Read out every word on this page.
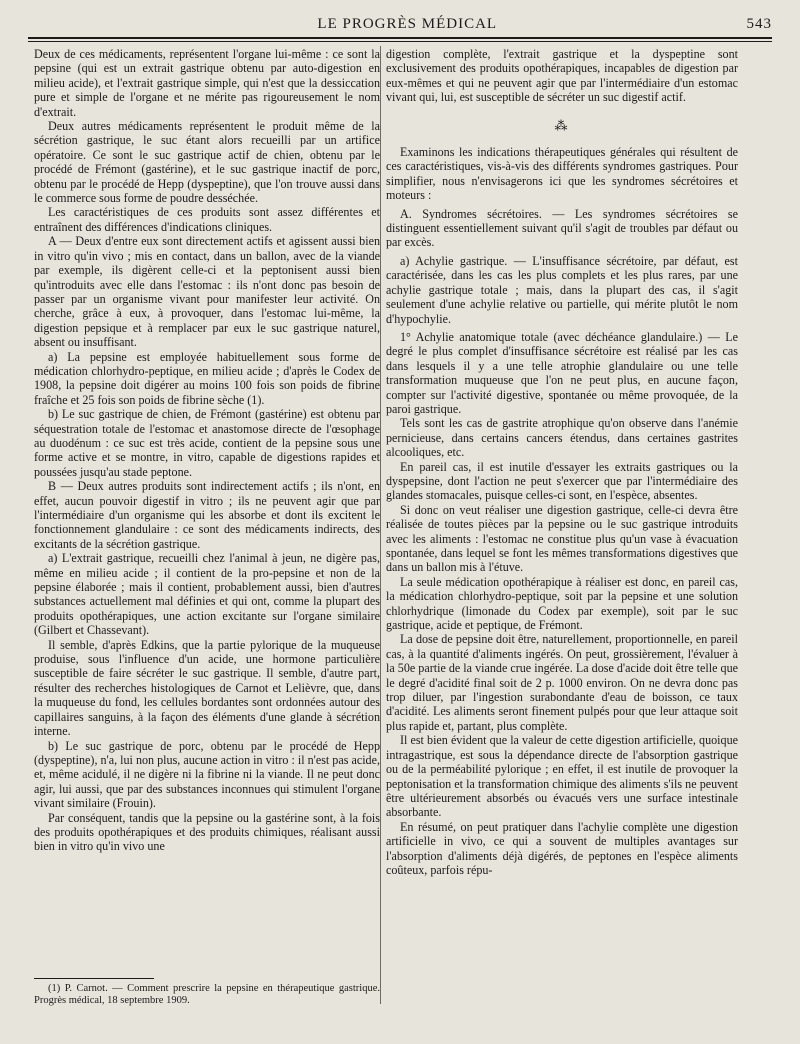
LE PROGRÈS MÉDICAL	543

Deux de ces médicaments, représentent l'organe lui-même : ce sont la pepsine (qui est un extrait gastrique obtenu par auto-digestion en milieu acide), et l'extrait gastrique simple, qui n'est que la dessiccation pure et simple de l'organe et ne mérite pas rigoureusement le nom d'extrait.

Deux autres médicaments représentent le produit même de la sécrétion gastrique, le suc étant alors recueilli par un artifice opératoire. Ce sont le suc gastrique actif de chien, obtenu par le procédé de Frémont (gastérine), et le suc gastrique inactif de porc, obtenu par le procédé de Hepp (dyspeptine), que l'on trouve aussi dans le commerce sous forme de poudre desséchée.

Les caractéristiques de ces produits sont assez différentes et entraînent des différences d'indications cliniques.

A — Deux d'entre eux sont directement actifs et agissent aussi bien in vitro qu'in vivo ; mis en contact, dans un ballon, avec de la viande par exemple, ils digèrent celle-ci et la peptonisent aussi bien qu'introduits avec elle dans l'estomac : ils n'ont donc pas besoin de passer par un organisme vivant pour manifester leur activité. On cherche, grâce à eux, à provoquer, dans l'estomac lui-même, la digestion pepsique et à remplacer par eux le suc gastrique naturel, absent ou insuffisant.

a) La pepsine est employée habituellement sous forme de médication chlorhydro-peptique, en milieu acide ; d'après le Codex de 1908, la pepsine doit digérer au moins 100 fois son poids de fibrine fraîche et 25 fois son poids de fibrine sèche (1).

b) Le suc gastrique de chien, de Frémont (gastérine) est obtenu par séquestration totale de l'estomac et anastomose directe de l'œsophage au duodénum : ce suc est très acide, contient de la pepsine sous une forme active et se montre, in vitro, capable de digestions rapides et poussées jusqu'au stade peptone.

B — Deux autres produits sont indirectement actifs ; ils n'ont, en effet, aucun pouvoir digestif in vitro ; ils ne peuvent agir que par l'intermédiaire d'un organisme qui les absorbe et dont ils excitent le fonctionnement glandulaire : ce sont des médicaments indirects, des excitants de la sécrétion gastrique.

a) L'extrait gastrique, recueilli chez l'animal à jeun, ne digère pas, même en milieu acide ; il contient de la pro-pepsine et non de la pepsine élaborée ; mais il contient, probablement aussi, bien d'autres substances actuellement mal définies et qui ont, comme la plupart des produits opothérapiques, une action excitante sur l'organe similaire (Gilbert et Chassevant).

Il semble, d'après Edkins, que la partie pylorique de la muqueuse produise, sous l'influence d'un acide, une hormone particulière susceptible de faire sécréter le suc gastrique. Il semble, d'autre part, résulter des recherches histologiques de Carnot et Lelièvre, que, dans la muqueuse du fond, les cellules bordantes sont ordonnées autour des capillaires sanguins, à la façon des éléments d'une glande à sécrétion interne.

b) Le suc gastrique de porc, obtenu par le procédé de Hepp (dyspeptine), n'a, lui non plus, aucune action in vitro : il n'est pas acide, et, même acidulé, il ne digère ni la fibrine ni la viande. Il ne peut donc agir, lui aussi, que par des substances inconnues qui stimulent l'organe vivant similaire (Frouin).

Par conséquent, tandis que la pepsine ou la gastérine sont, à la fois des produits opothérapiques et des produits chimiques, réalisant aussi bien in vitro qu'in vivo une

digestion complète, l'extrait gastrique et la dyspeptine sont exclusivement des produits opothérapiques, incapables de digestion par eux-mêmes et qui ne peuvent agir que par l'intermédiaire d'un estomac vivant qui, lui, est susceptible de sécréter un suc digestif actif.

⁂

Examinons les indications thérapeutiques générales qui résultent de ces caractéristiques, vis-à-vis des différents syndromes gastriques. Pour simplifier, nous n'envisagerons ici que les syndromes sécrétoires et moteurs :

A. Syndromes sécrétoires. — Les syndromes sécrétoires se distinguent essentiellement suivant qu'il s'agit de troubles par défaut ou par excès.

a) Achylie gastrique. — L'insuffisance sécrétoire, par défaut, est caractérisée, dans les cas les plus complets et les plus rares, par une achylie gastrique totale ; mais, dans la plupart des cas, il s'agit seulement d'une achylie relative ou partielle, qui mérite plutôt le nom d'hypochylie.

1° Achylie anatomique totale (avec déchéance glandulaire.) — Le degré le plus complet d'insuffisance sécrétoire est réalisé par les cas dans lesquels il y a une telle atrophie glandulaire ou une telle transformation muqueuse que l'on ne peut plus, en aucune façon, compter sur l'activité digestive, spontanée ou même provoquée, de la paroi gastrique.

Tels sont les cas de gastrite atrophique qu'on observe dans l'anémie pernicieuse, dans certains cancers étendus, dans certaines gastrites alcooliques, etc.

En pareil cas, il est inutile d'essayer les extraits gastriques ou la dyspepsine, dont l'action ne peut s'exercer que par l'intermédiaire des glandes stomacales, puisque celles-ci sont, en l'espèce, absentes.

Si donc on veut réaliser une digestion gastrique, celle-ci devra être réalisée de toutes pièces par la pepsine ou le suc gastrique introduits avec les aliments : l'estomac ne constitue plus qu'un vase à évacuation spontanée, dans lequel se font les mêmes transformations digestives que dans un ballon mis à l'étuve.

La seule médication opothérapique à réaliser est donc, en pareil cas, la médication chlorhydro-peptique, soit par la pepsine et une solution chlorhydrique (limonade du Codex par exemple), soit par le suc gastrique, acide et peptique, de Frémont.

La dose de pepsine doit être, naturellement, proportionnelle, en pareil cas, à la quantité d'aliments ingérés. On peut, grossièrement, l'évaluer à la 50e partie de la viande crue ingérée. La dose d'acide doit être telle que le degré d'acidité final soit de 2 p. 1000 environ. On ne devra donc pas trop diluer, par l'ingestion surabondante d'eau de boisson, ce taux d'acidité. Les aliments seront finement pulpés pour que leur attaque soit plus rapide et, partant, plus complète.

Il est bien évident que la valeur de cette digestion artificielle, quoique intragastrique, est sous la dépendance directe de l'absorption gastrique ou de la perméabilité pylorique ; en effet, il est inutile de provoquer la peptonisation et la transformation chimique des aliments s'ils ne peuvent être ultérieurement absorbés ou évacués vers une surface intestinale absorbante.

En résumé, on peut pratiquer dans l'achylie complète une digestion artificielle in vivo, ce qui a souvent de multiples avantages sur l'absorption d'aliments déjà digérés, de peptones en l'espèce aliments coûteux, parfois répu-

(1) P. Carnot. — Comment prescrire la pepsine en thérapeutique gastrique. Progrès médical, 18 septembre 1909.
